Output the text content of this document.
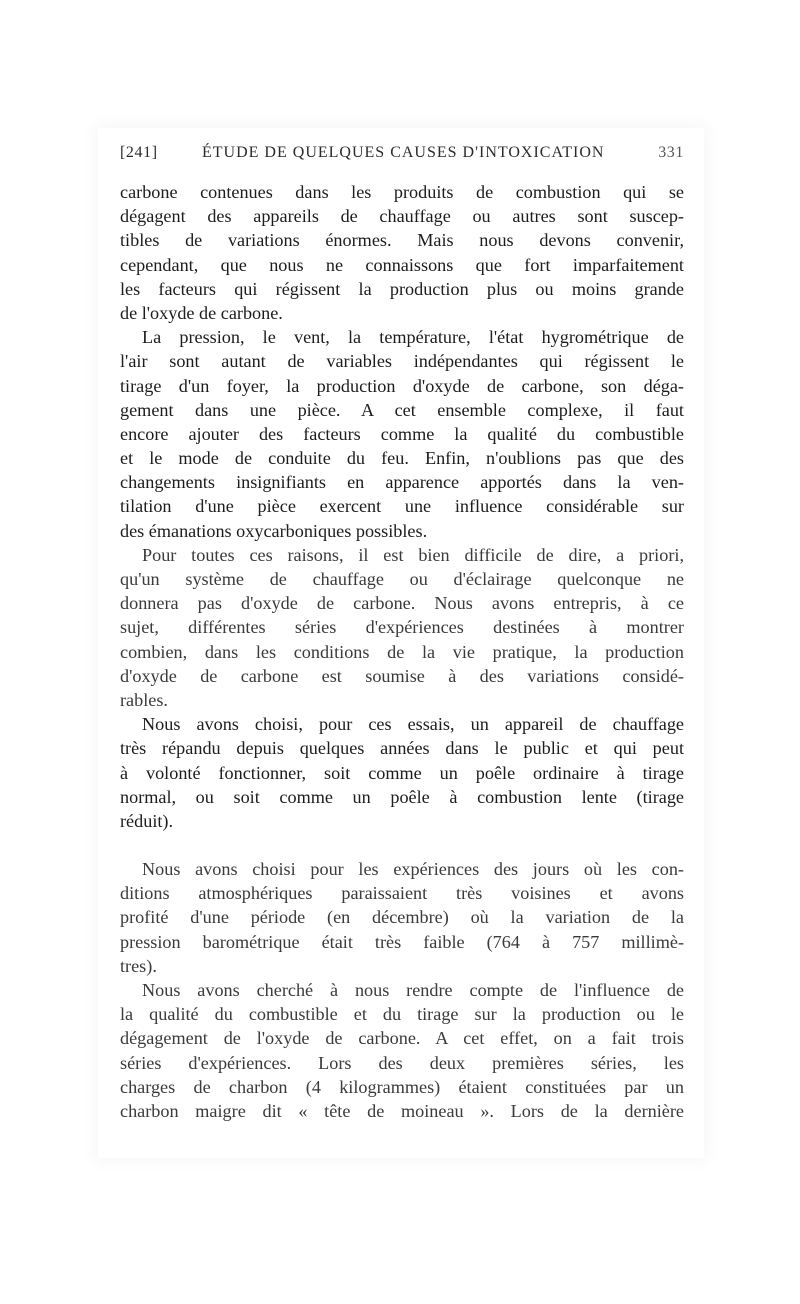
[241]	ÉTUDE DE QUELQUES CAUSES D'INTOXICATION	331
carbone contenues dans les produits de combustion qui se
dégagent des appareils de chauffage ou autres sont suscep-
tibles de variations énormes. Mais nous devons convenir,
cependant, que nous ne connaissons que fort imparfaitement
les facteurs qui régissent la production plus ou moins grande
de l'oxyde de carbone.
La pression, le vent, la température, l'état hygrométrique de
l'air sont autant de variables indépendantes qui régissent le
tirage d'un foyer, la production d'oxyde de carbone, son déga-
gement dans une pièce. A cet ensemble complexe, il faut
encore ajouter des facteurs comme la qualité du combustible
et le mode de conduite du feu. Enfin, n'oublions pas que des
changements insignifiants en apparence apportés dans la ven-
tilation d'une pièce exercent une influence considérable sur
des émanations oxycarboniques possibles.
Pour toutes ces raisons, il est bien difficile de dire, a priori,
qu'un système de chauffage ou d'éclairage quelconque ne
donnera pas d'oxyde de carbone. Nous avons entrepris, à ce
sujet, différentes séries d'expériences destinées à montrer
combien, dans les conditions de la vie pratique, la production
d'oxyde de carbone est soumise à des variations considé-
rables.
Nous avons choisi, pour ces essais, un appareil de chauffage
très répandu depuis quelques années dans le public et qui peut
à volonté fonctionner, soit comme un poêle ordinaire à tirage
normal, ou soit comme un poêle à combustion lente (tirage
réduit).
Nous avons choisi pour les expériences des jours où les con-
ditions atmosphériques paraissaient très voisines et avons
profité d'une période (en décembre) où la variation de la
pression barométrique était très faible (764 à 757 millimè-
tres).
Nous avons cherché à nous rendre compte de l'influence de
la qualité du combustible et du tirage sur la production ou le
dégagement de l'oxyde de carbone. A cet effet, on a fait trois
séries d'expériences. Lors des deux premières séries, les
charges de charbon (4 kilogrammes) étaient constituées par un
charbon maigre dit « tête de moineau ». Lors de la dernière
